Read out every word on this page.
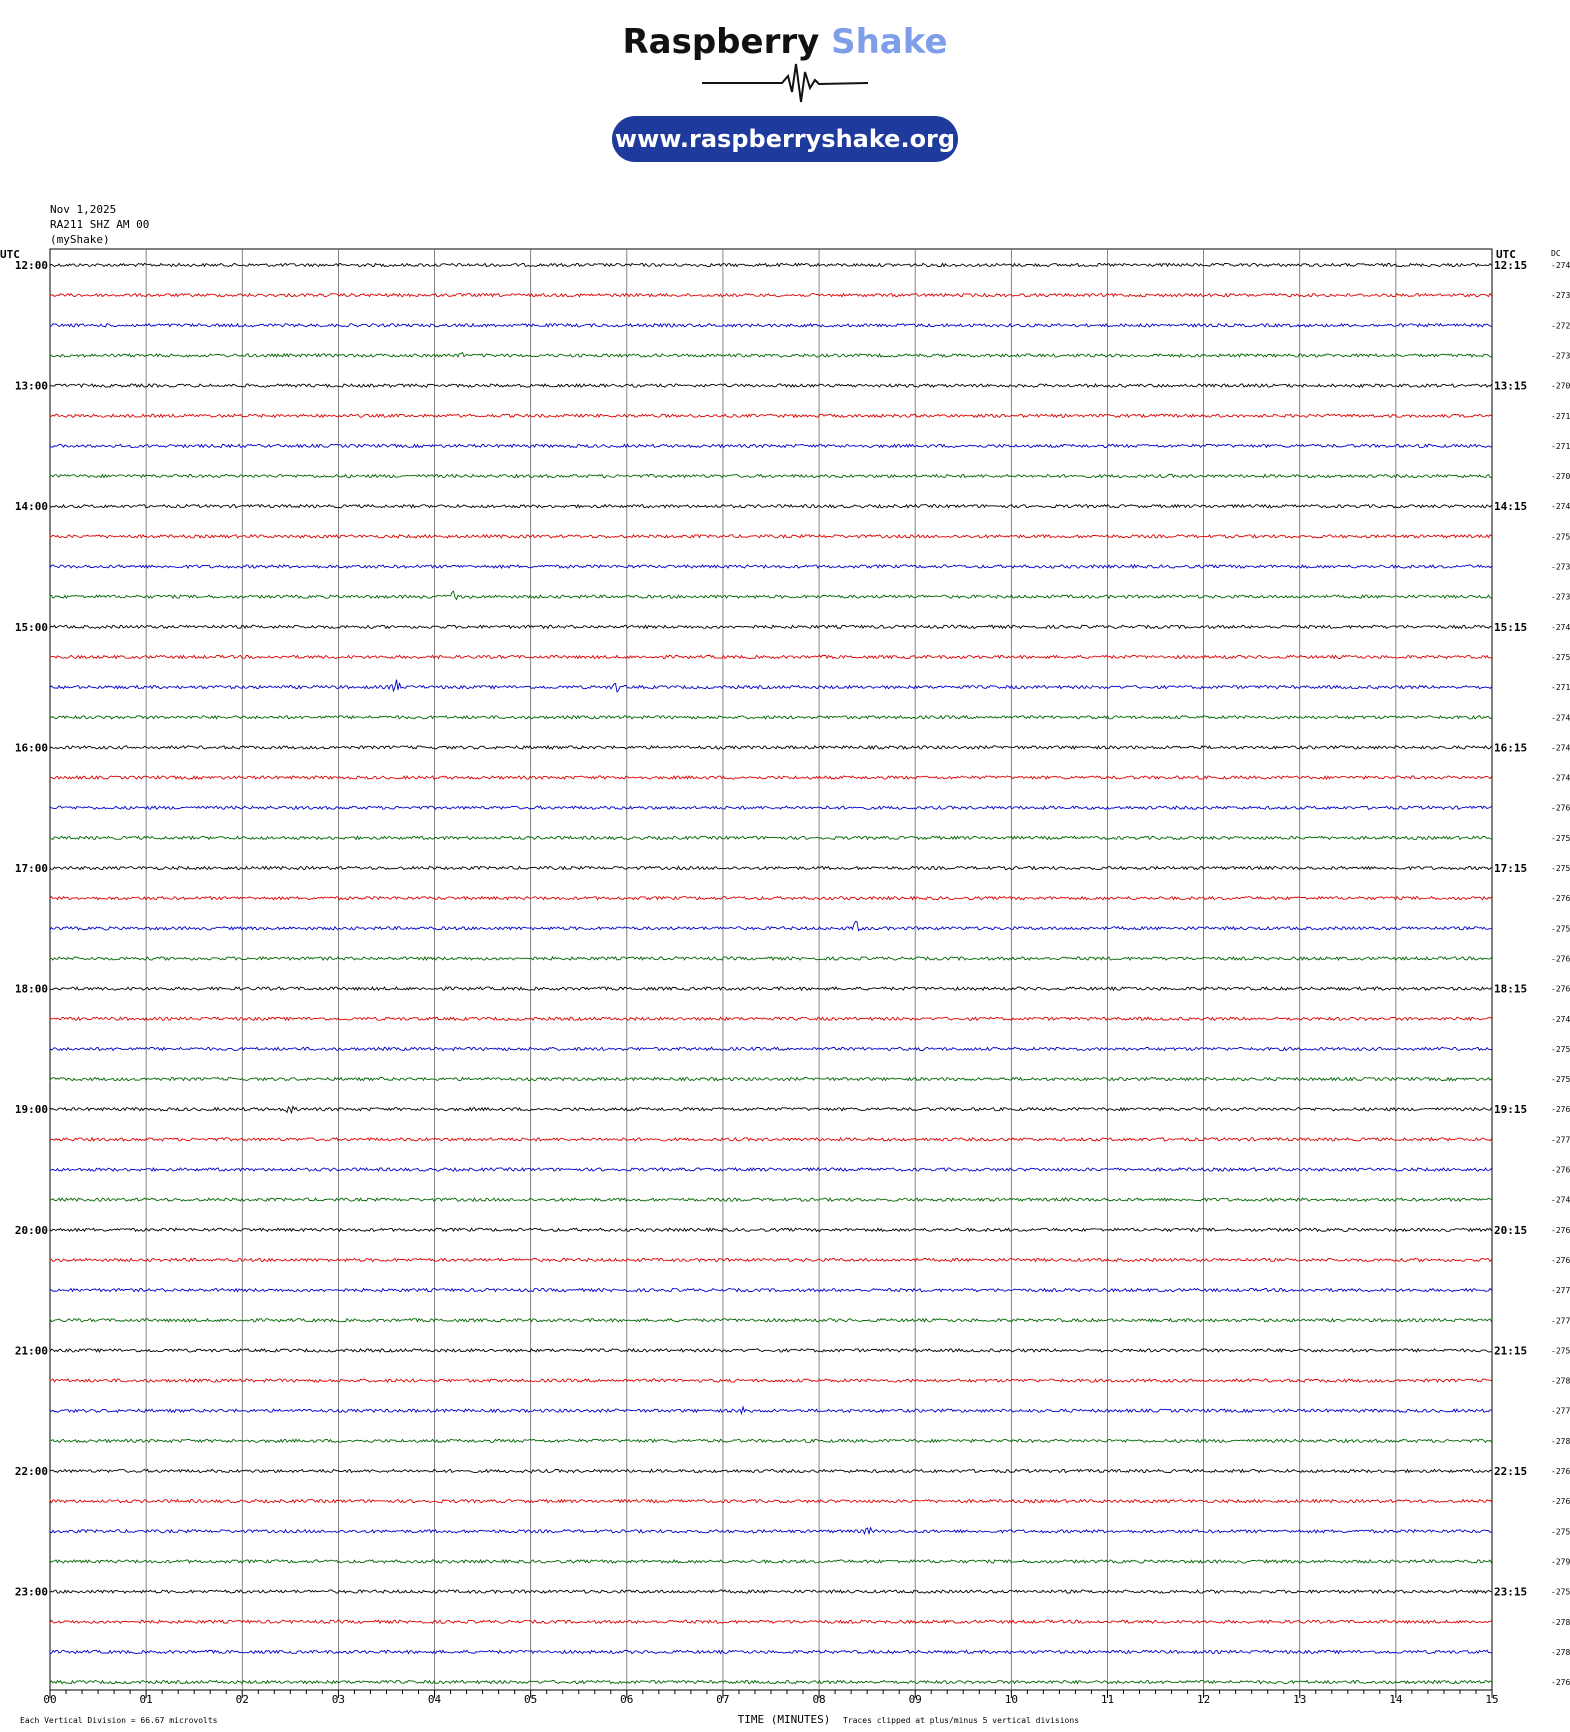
Raspberry Shake
www.raspberryshake.org
Nov 1,2025
RA211 SHZ AM 00
(myShake)
-274
-273
-272
-273
-270
-271
-271
-270
-274
-275
-273
-273
-274
-275
-271
-274
-274
-274
-276
-275
-275
-276
-275
-276
-276
-274
-275
-275
-276
-277
-276
-274
-276
-276
-277
-277
-275
-278
-277
-278
-276
-276
-275
-279
-275
-278
-278
-276
UTC	UTC	DC
12:00
13:00
14:00
15:00
16:00
17:00
18:00
19:00
20:00
21:00
22:00
23:00
12:15
13:15
14:15
15:15
16:15
17:15
18:15
19:15
20:15
21:15
22:15
23:15
00	01	02	03	04	05	06	07	08	09	10	11	12	13	14	15
TIME (MINUTES)
Each Vertical Division = 66.67 microvolts	Traces clipped at plus/minus 5 vertical divisions
